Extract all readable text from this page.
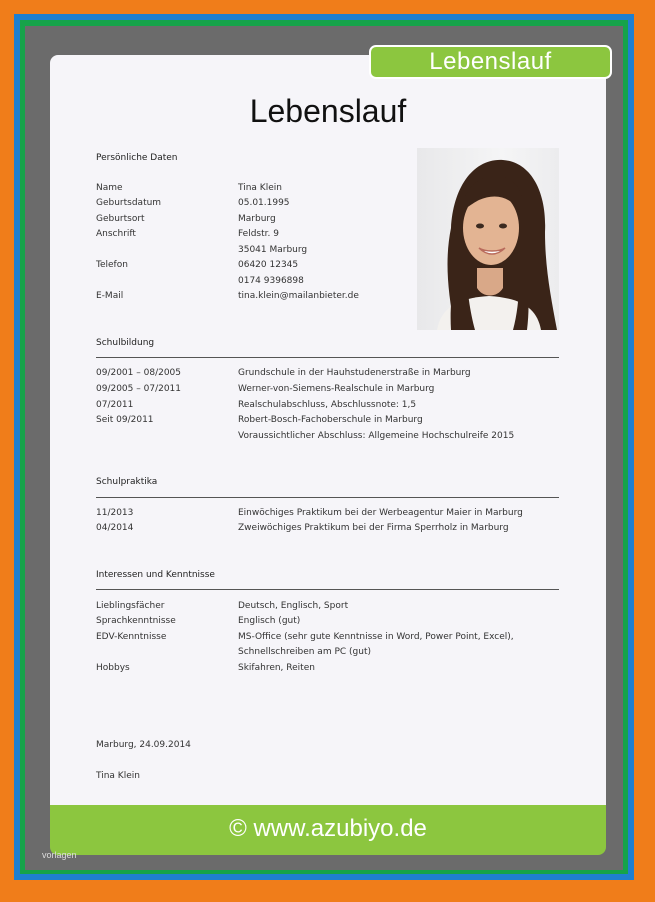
Lebenslauf
Persönliche Daten
Name	Tina Klein
Geburtsdatum	05.01.1995
Geburtsort	Marburg
Anschrift	Feldstr. 9
35041 Marburg
Telefon	06420 12345
0174 9396898
E-Mail	tina.klein@mailanbieter.de
Schulbildung
09/2001 – 08/2005	Grundschule in der Hauhstudenerstraße in Marburg
09/2005 – 07/2011	Werner-von-Siemens-Realschule in Marburg
07/2011	Realschulabschluss, Abschlussnote: 1,5
Seit 09/2011	Robert-Bosch-Fachoberschule in Marburg
Voraussichtlicher Abschluss: Allgemeine Hochschulreife 2015
Schulpraktika
11/2013	Einwöchiges Praktikum bei der Werbeagentur Maier in Marburg
04/2014	Zweiwöchiges Praktikum bei der Firma Sperrholz in Marburg
Interessen und Kenntnisse
Lieblingsfächer	Deutsch, Englisch, Sport
Sprachkenntnisse	Englisch (gut)
EDV-Kenntnisse	MS-Office (sehr gute Kenntnisse in Word, Power Point, Excel),
Schnellschreiben am PC (gut)
Hobbys	Skifahren, Reiten
Marburg, 24.09.2014
Tina Klein
Lebenslauf
© www.azubiyo.de
vorlagen
